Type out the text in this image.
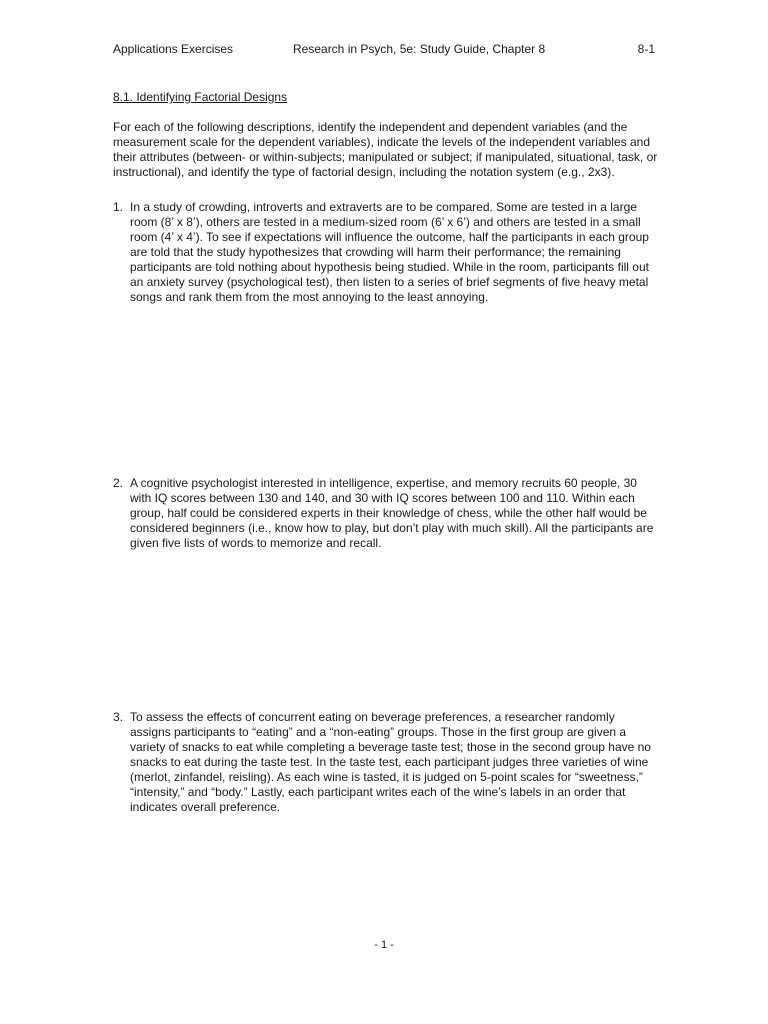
Applications Exercises	Research in Psych, 5e: Study Guide, Chapter 8	8-1
8.1. Identifying Factorial Designs

For each of the following descriptions, identify the independent and dependent variables (and the measurement scale for the dependent variables), indicate the levels of the independent variables and their attributes (between- or within-subjects; manipulated or subject; if manipulated, situational, task, or instructional), and identify the type of factorial design, including the notation system (e.g., 2x3).

1. In a study of crowding, introverts and extraverts are to be compared. Some are tested in a large room (8’ x 8’), others are tested in a medium-sized room (6’ x 6’) and others are tested in a small room (4’ x 4’). To see if expectations will influence the outcome, half the participants in each group are told that the study hypothesizes that crowding will harm their performance; the remaining participants are told nothing about hypothesis being studied. While in the room, participants fill out an anxiety survey (psychological test), then listen to a series of brief segments of five heavy metal songs and rank them from the most annoying to the least annoying.

2. A cognitive psychologist interested in intelligence, expertise, and memory recruits 60 people, 30 with IQ scores between 130 and 140, and 30 with IQ scores between 100 and 110. Within each group, half could be considered experts in their knowledge of chess, while the other half would be considered beginners (i.e., know how to play, but don’t play with much skill). All the participants are given five lists of words to memorize and recall.

3. To assess the effects of concurrent eating on beverage preferences, a researcher randomly assigns participants to “eating” and a “non-eating” groups. Those in the first group are given a variety of snacks to eat while completing a beverage taste test; those in the second group have no snacks to eat during the taste test. In the taste test, each participant judges three varieties of wine (merlot, zinfandel, reisling). As each wine is tasted, it is judged on 5-point scales for “sweetness,” “intensity,” and “body.” Lastly, each participant writes each of the wine’s labels in an order that indicates overall preference.

- 1 -
